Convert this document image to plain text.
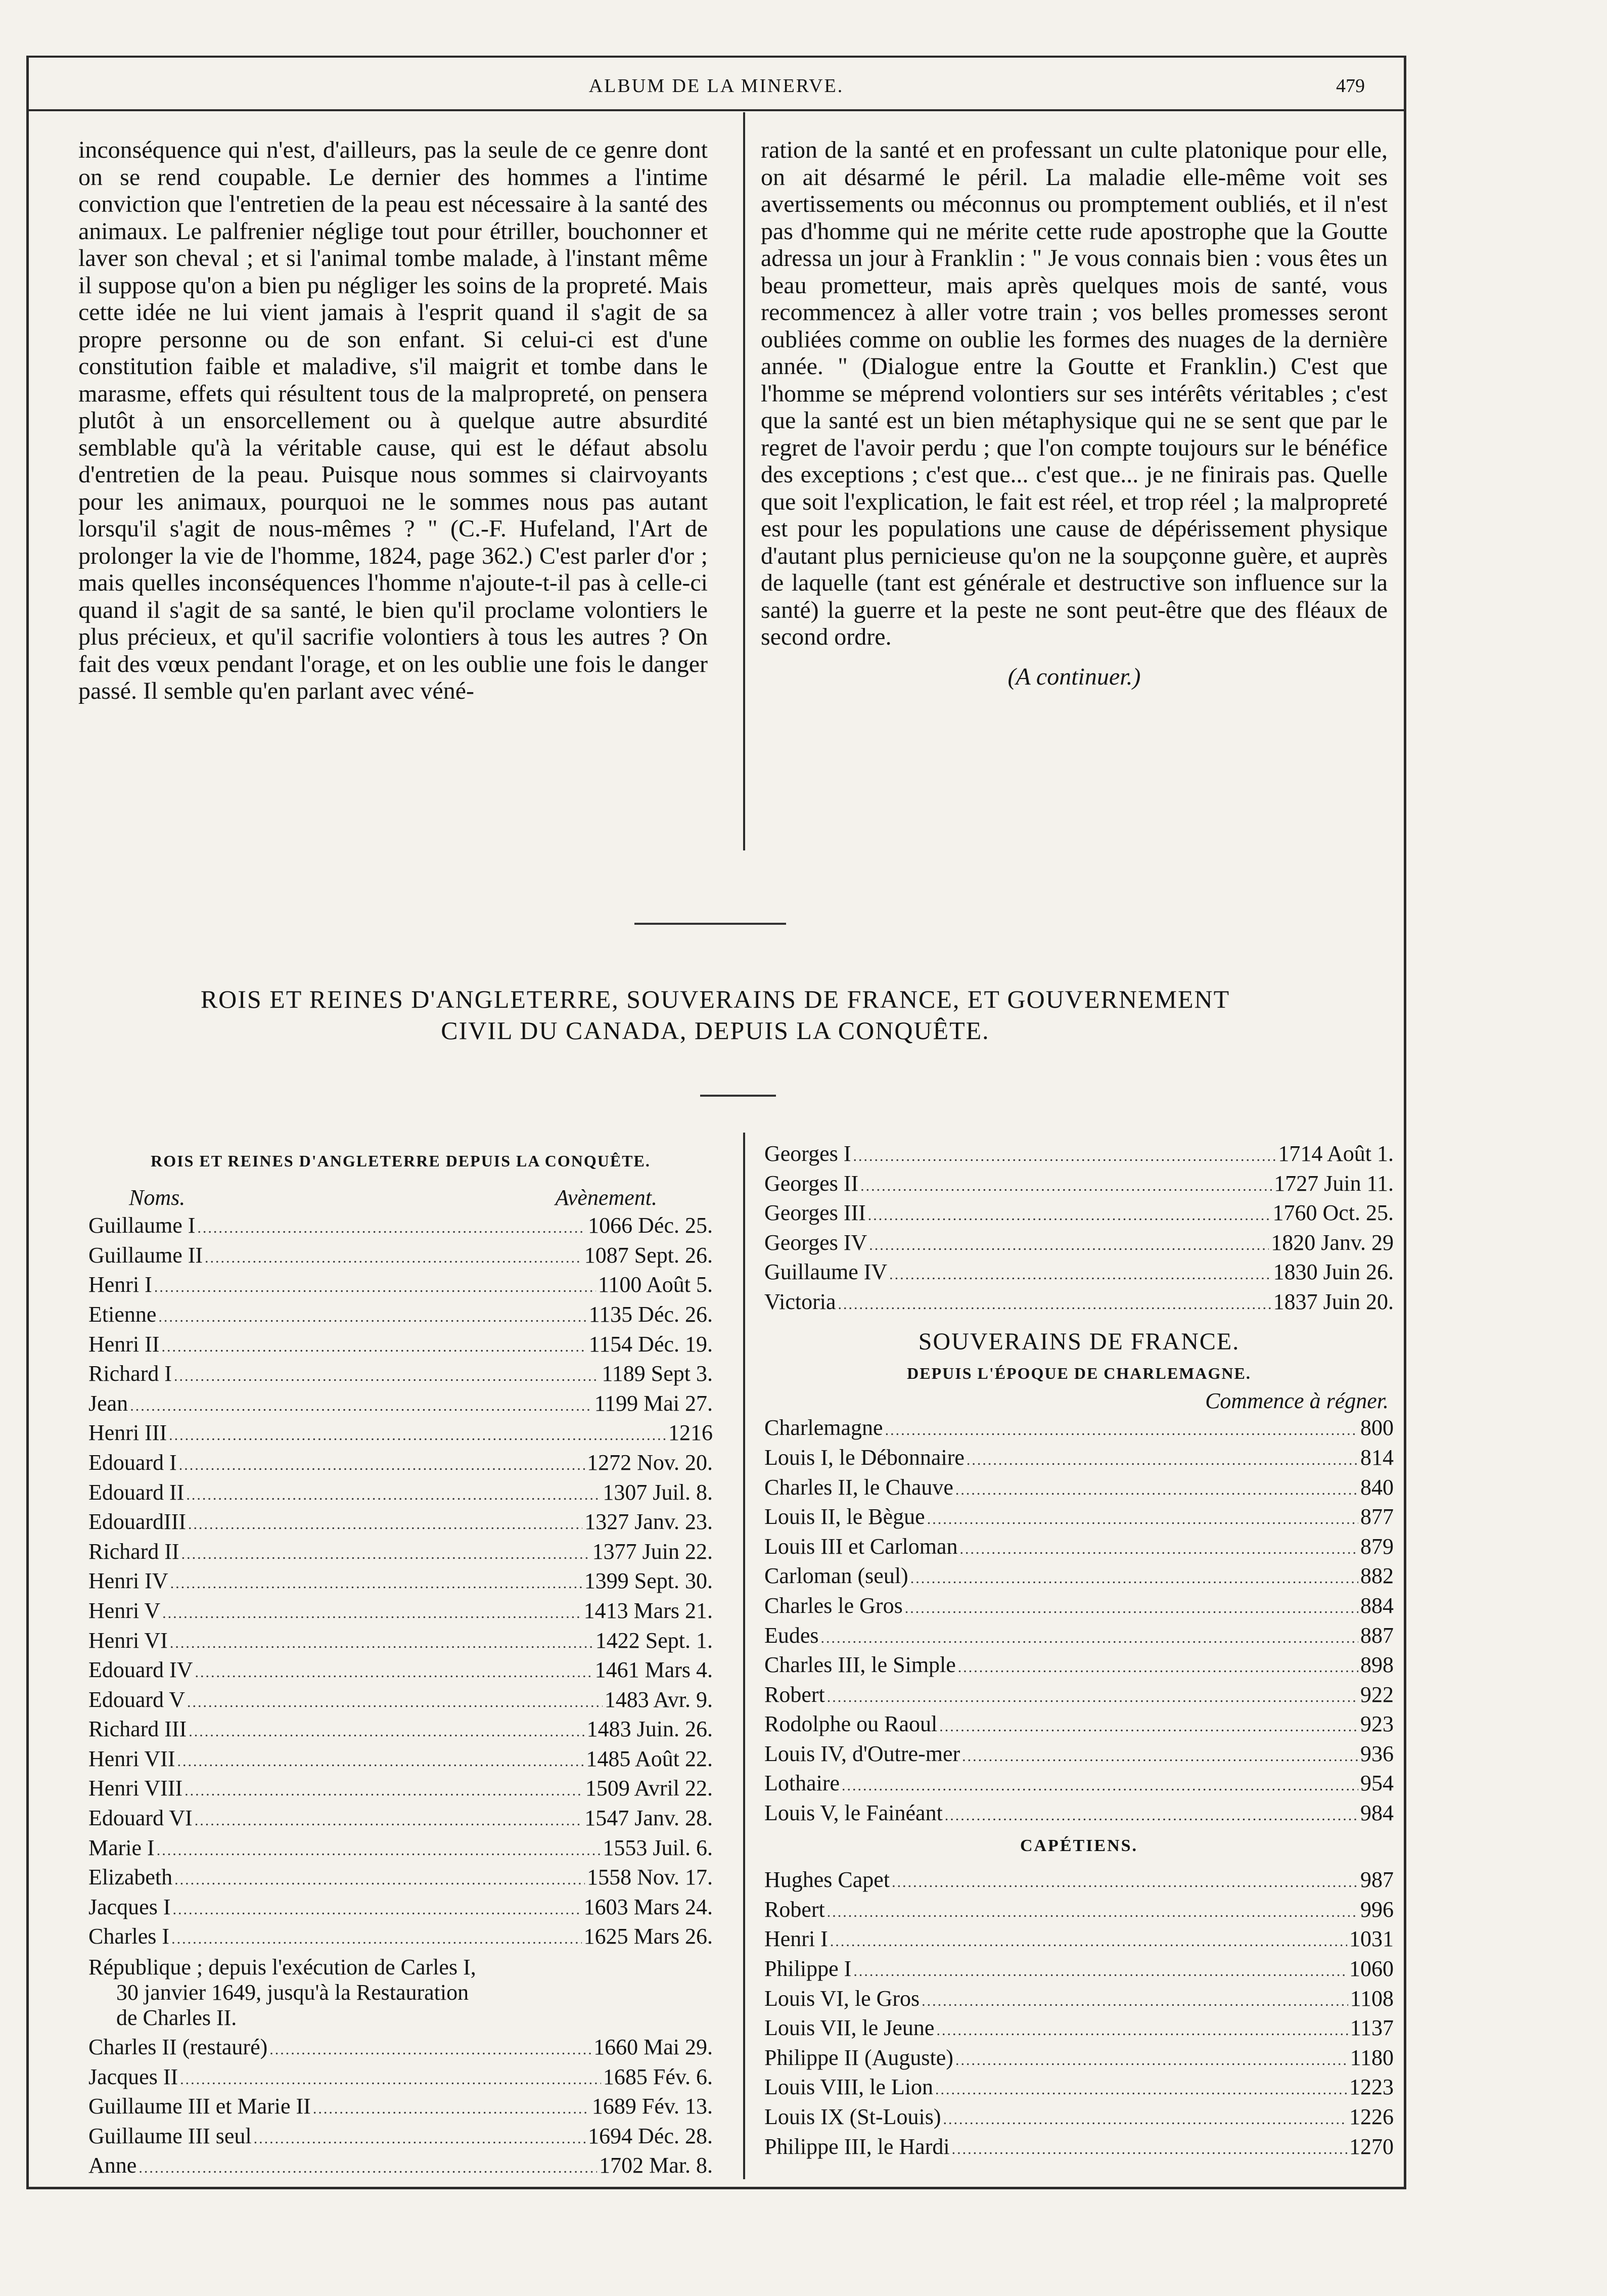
ALBUM DE LA MINERVE.	479

inconséquence qui n'est, d'ailleurs, pas la seule de ce genre dont on se rend coupable. Le dernier des hommes a l'intime conviction que l'entretien de la peau est nécessaire à la santé des animaux. Le palfrenier néglige tout pour étriller, bouchonner et laver son cheval ; et si l'animal tombe malade, à l'instant même il suppose qu'on a bien pu négliger les soins de la propreté. Mais cette idée ne lui vient jamais à l'esprit quand il s'agit de sa propre personne ou de son enfant. Si celui-ci est d'une constitution faible et maladive, s'il maigrit et tombe dans le marasme, effets qui résultent tous de la malpropreté, on pensera plutôt à un ensorcellement ou à quelque autre absurdité semblable qu'à la véritable cause, qui est le défaut absolu d'entretien de la peau. Puisque nous sommes si clairvoyants pour les animaux, pourquoi ne le sommes nous pas autant lorsqu'il s'agit de nous-mêmes ? " (C.-F. Hufeland, l'Art de prolonger la vie de l'homme, 1824, page 362.) C'est parler d'or ; mais quelles inconséquences l'homme n'ajoute-t-il pas à celle-ci quand il s'agit de sa santé, le bien qu'il proclame volontiers le plus précieux, et qu'il sacrifie volontiers à tous les autres ? On fait des vœux pendant l'orage, et on les oublie une fois le danger passé. Il semble qu'en parlant avec véné-

ration de la santé et en professant un culte platonique pour elle, on ait désarmé le péril. La maladie elle-même voit ses avertissements ou méconnus ou promptement oubliés, et il n'est pas d'homme qui ne mérite cette rude apostrophe que la Goutte adressa un jour à Franklin : " Je vous connais bien : vous êtes un beau prometteur, mais après quelques mois de santé, vous recommencez à aller votre train ; vos belles promesses seront oubliées comme on oublie les formes des nuages de la dernière année. " (Dialogue entre la Goutte et Franklin.) C'est que l'homme se méprend volontiers sur ses intérêts véritables ; c'est que la santé est un bien métaphysique qui ne se sent que par le regret de l'avoir perdu ; que l'on compte toujours sur le bénéfice des exceptions ; c'est que... c'est que... je ne finirais pas. Quelle que soit l'explication, le fait est réel, et trop réel ; la malpropreté est pour les populations une cause de dépérissement physique d'autant plus pernicieuse qu'on ne la soupçonne guère, et auprès de laquelle (tant est générale et destructive son influence sur la santé) la guerre et la peste ne sont peut-être que des fléaux de second ordre.

(A continuer.)
ROIS ET REINES D'ANGLETERRE, SOUVERAINS DE FRANCE, ET GOUVERNEMENT
CIVIL DU CANADA, DEPUIS LA CONQUÊTE.
ROIS ET REINES D'ANGLETERRE DEPUIS LA CONQUÊTE.
Noms.	Avènement.
Guillaume I .....	1066 Déc. 25.
Guillaume II .....	1087 Sept. 26.
Henri I .....	1100 Août 5.
Etienne .....	1135 Déc. 26.
Henri II .....	1154 Déc. 19.
Richard I .....	1189 Sept 3.
Jean .....	1199 Mai 27.
Henri III .....	1216
Edouard I .....	1272 Nov. 20.
Edouard II .....	1307 Juil. 8.
EdouardIII .....	1327 Janv. 23.
Richard II .....	1377 Juin 22.
Henri IV .....	1399 Sept. 30.
Henri V .....	1413 Mars 21.
Henri VI .....	1422 Sept. 1.
Edouard IV .....	1461 Mars 4.
Edouard V .....	1483 Avr. 9.
Richard III .....	1483 Juin. 26.
Henri VII .....	1485 Août 22.
Henri VIII .....	1509 Avril 22.
Edouard VI .....	1547 Janv. 28.
Marie I .....	1553 Juil. 6.
Elizabeth .....	1558 Nov. 17.
Jacques I .....	1603 Mars 24.
Charles I .....	1625 Mars 26.
République ; depuis l'exécution de Carles I,
30 janvier 1649, jusqu'à la Restauration
de Charles II.
Charles II (restauré) .....	1660 Mai 29.
Jacques II .....	1685 Fév. 6.
Guillaume III et Marie II .....	1689 Fév. 13.
Guillaume III seul .....	1694 Déc. 28.
Anne .....	1702 Mar. 8.
Georges I .....	1714 Août 1.
Georges II .....	1727 Juin 11.
Georges III .....	1760 Oct. 25.
Georges IV .....	1820 Janv. 29
Guillaume IV .....	1830 Juin 26.
Victoria .....	1837 Juin 20.
SOUVERAINS DE FRANCE.
DEPUIS L'ÉPOQUE DE CHARLEMAGNE.
Commence à régner.
Charlemagne .....	800
Louis I, le Débonnaire .....	814
Charles II, le Chauve .....	840
Louis II, le Bègue .....	877
Louis III et Carloman .....	879
Carloman (seul) .....	882
Charles le Gros .....	884
Eudes .....	887
Charles III, le Simple .....	898
Robert .....	922
Rodolphe ou Raoul .....	923
Louis IV, d'Outre-mer .....	936
Lothaire .....	954
Louis V, le Fainéant .....	984
CAPÉTIENS.
Hughes Capet .....	987
Robert .....	996
Henri I .....	1031
Philippe I .....	1060
Louis VI, le Gros .....	1108
Louis VII, le Jeune .....	1137
Philippe II (Auguste) .....	1180
Louis VIII, le Lion .....	1223
Louis IX (St-Louis) .....	1226
Philippe III, le Hardi .....	1270
